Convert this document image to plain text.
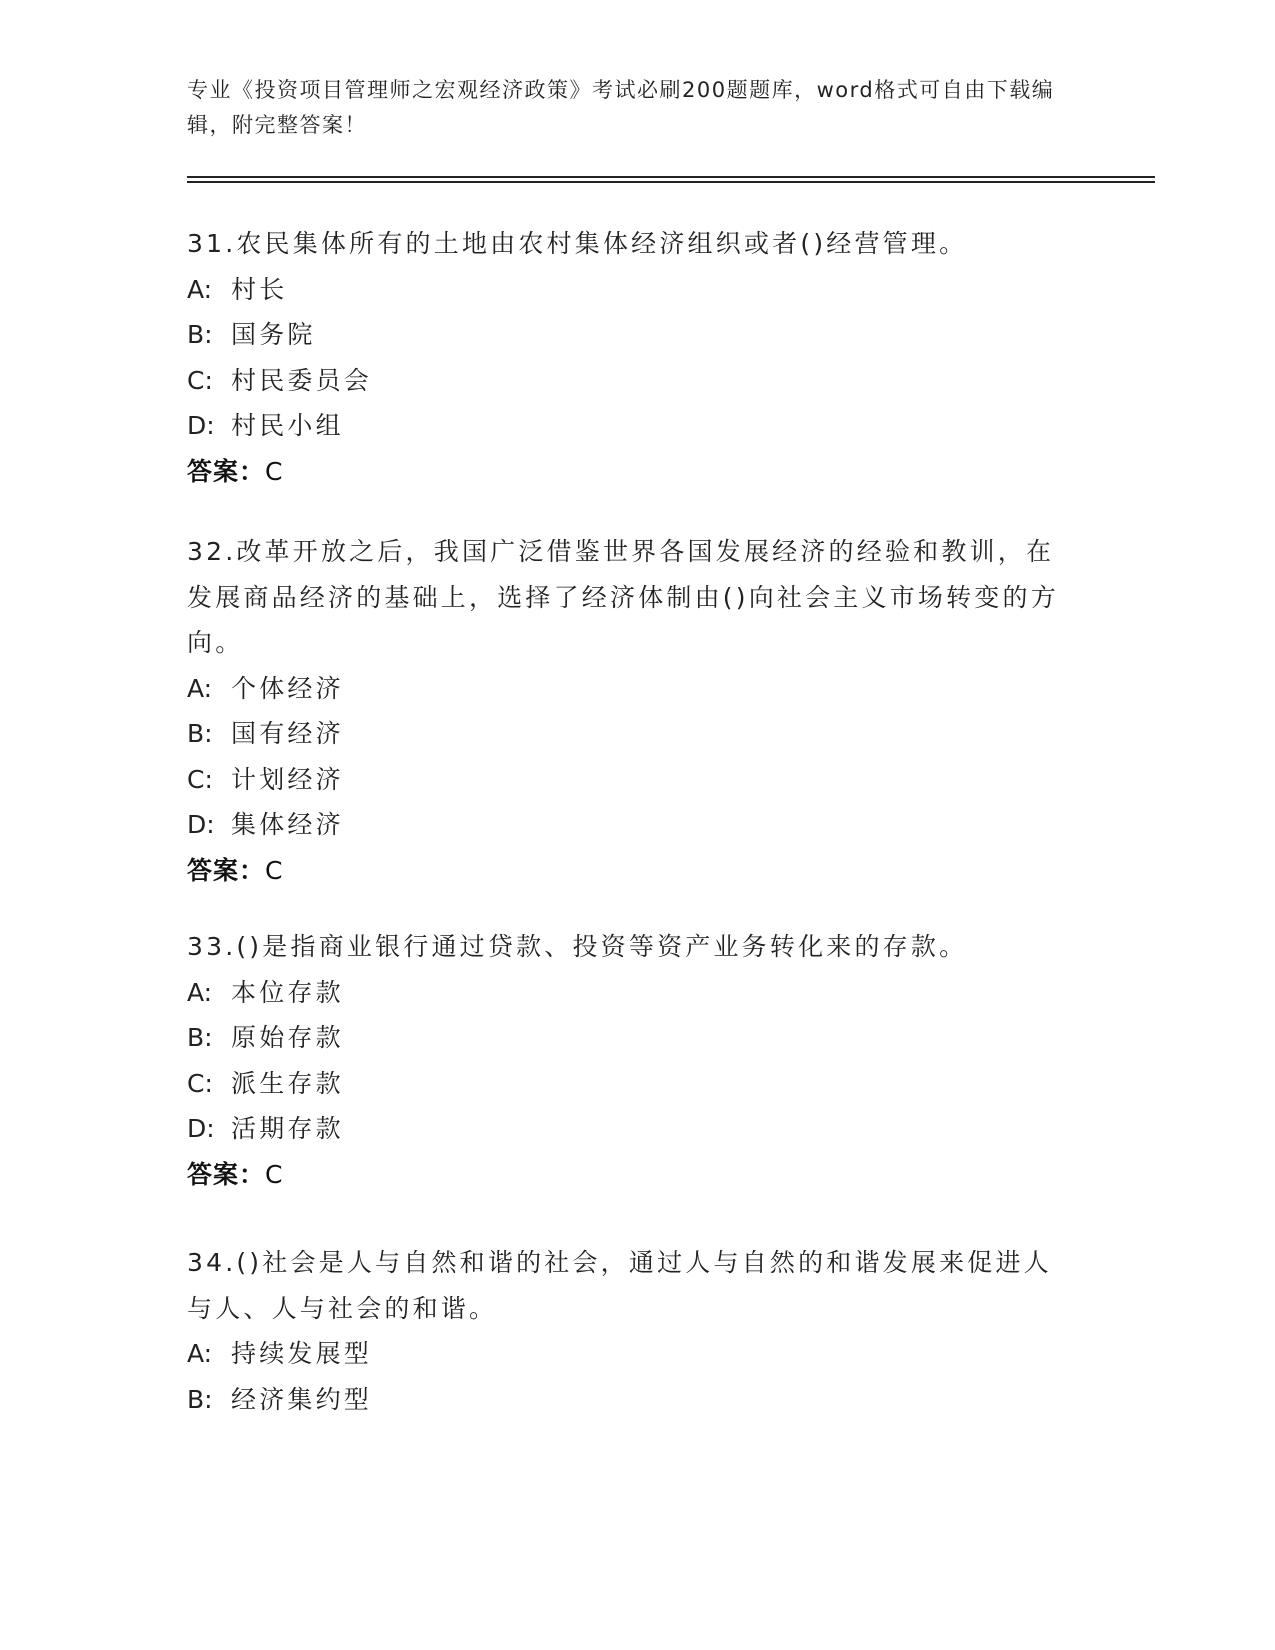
专业《投资项目管理师之宏观经济政策》考试必刷200题题库，word格式可自由下载编辑，附完整答案！

31.农民集体所有的土地由农村集体经济组织或者()经营管理。

A: 村长

B: 国务院

C: 村民委员会

D: 村民小组

答案：C

32.改革开放之后，我国广泛借鉴世界各国发展经济的经验和教训，在发展商品经济的基础上，选择了经济体制由()向社会主义市场转变的方向。

A: 个体经济

B: 国有经济

C: 计划经济

D: 集体经济

答案：C

33.()是指商业银行通过贷款、投资等资产业务转化来的存款。

A: 本位存款

B: 原始存款

C: 派生存款

D: 活期存款

答案：C

34.()社会是人与自然和谐的社会，通过人与自然的和谐发展来促进人与人、人与社会的和谐。

A: 持续发展型

B: 经济集约型
